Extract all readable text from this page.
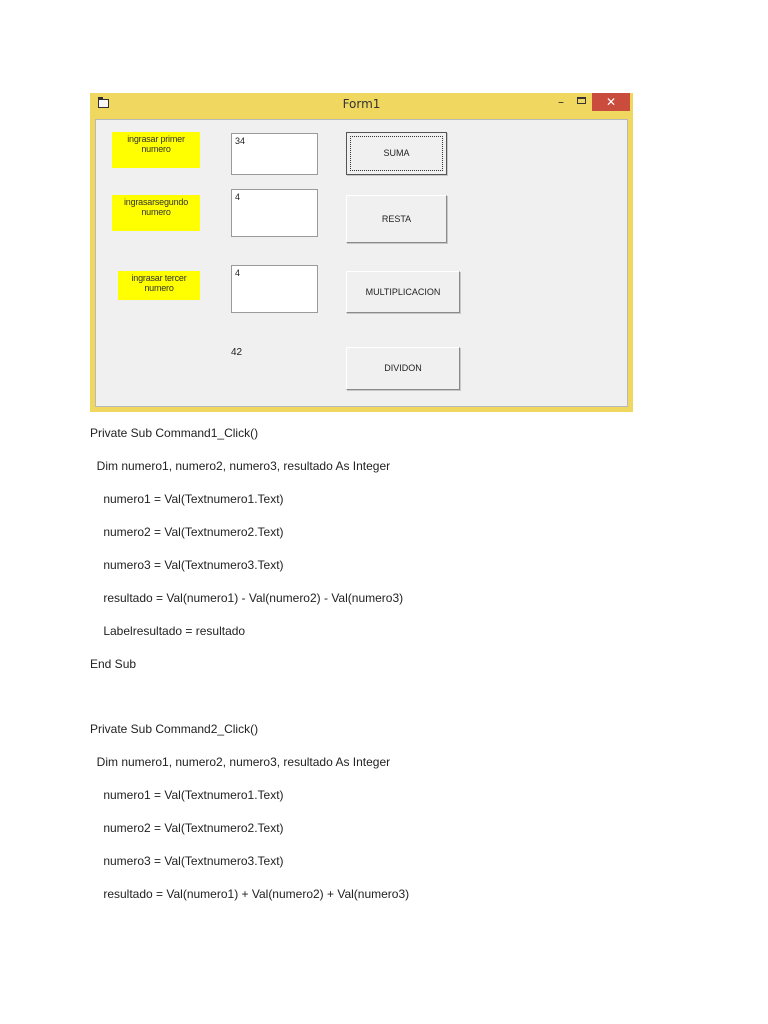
Form1	–	✕
ingrasar primer numero
ingrasarsegundo numero
ingrasar tercer numero
34
4
4
SUMA
RESTA
MULTIPLICACION
DIVIDON
42
Private Sub Command1_Click()
Dim numero1, numero2, numero3, resultado As Integer
numero1 = Val(Textnumero1.Text)
numero2 = Val(Textnumero2.Text)
numero3 = Val(Textnumero3.Text)
resultado = Val(numero1) - Val(numero2) - Val(numero3)
Labelresultado = resultado
End Sub
Private Sub Command2_Click()
Dim numero1, numero2, numero3, resultado As Integer
numero1 = Val(Textnumero1.Text)
numero2 = Val(Textnumero2.Text)
numero3 = Val(Textnumero3.Text)
resultado = Val(numero1) + Val(numero2) + Val(numero3)
